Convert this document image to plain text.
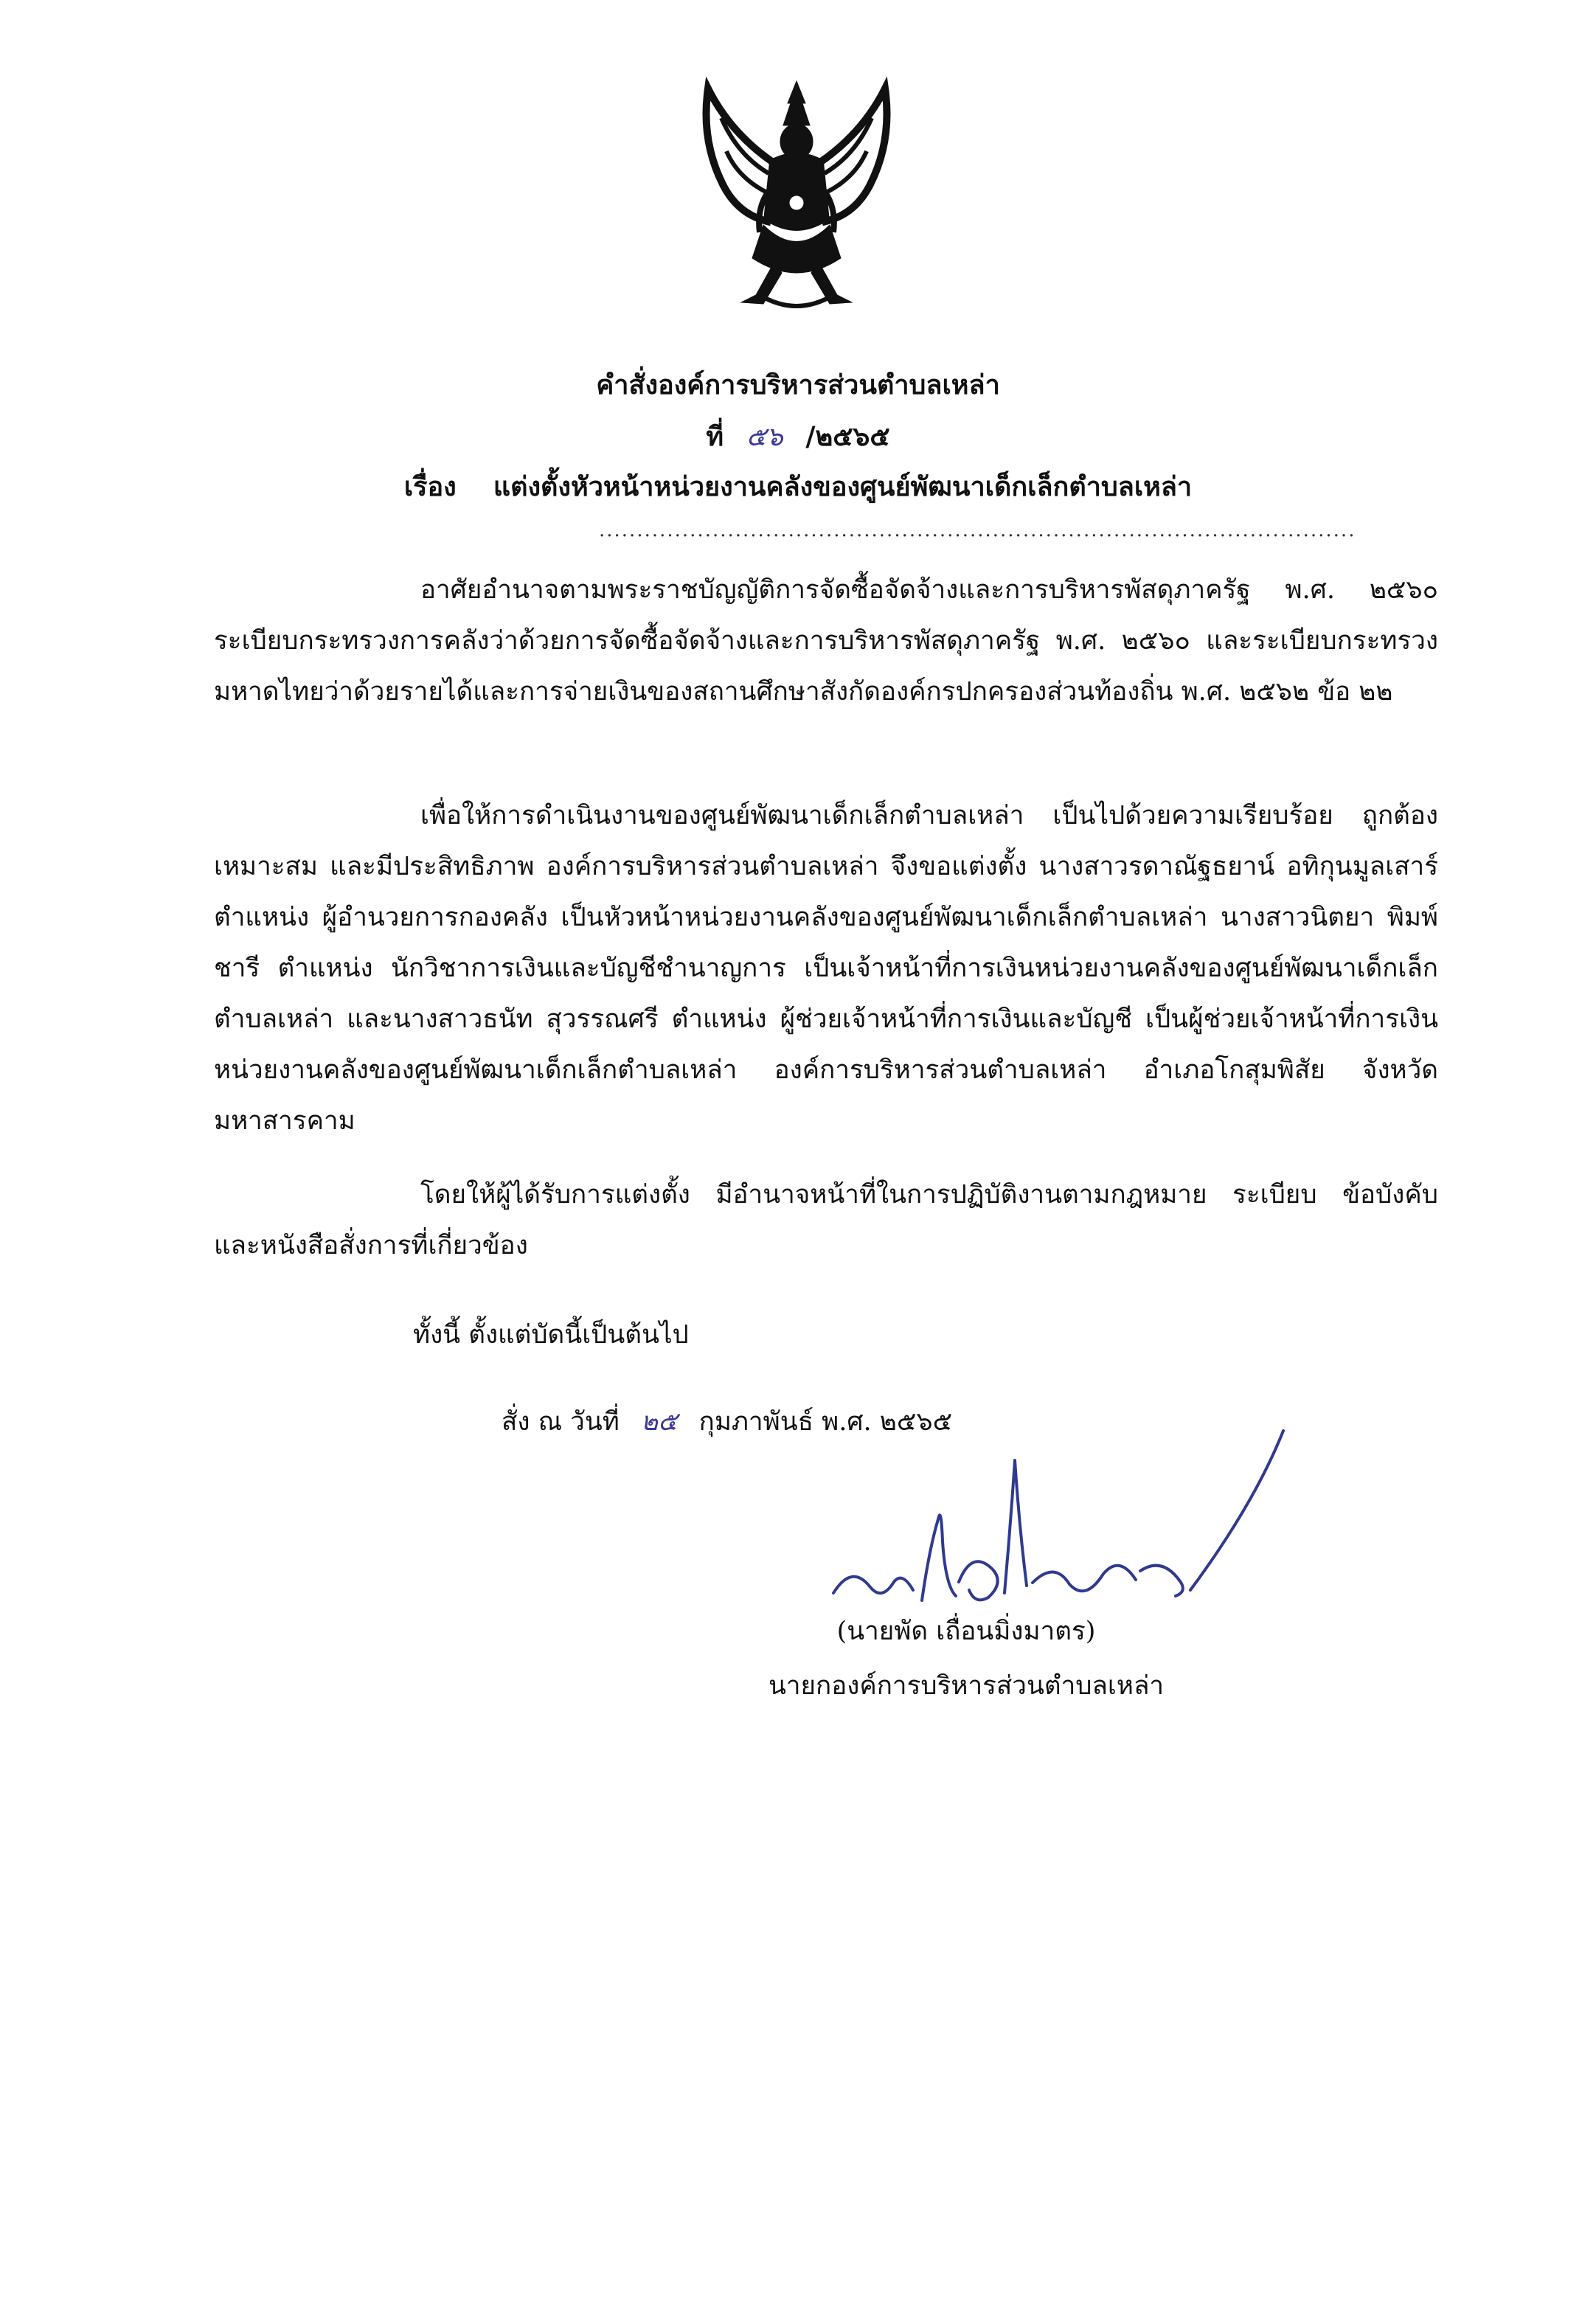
คำสั่งองค์การบริหารส่วนตำบลเหล่า
ที่ ๕๖ /๒๕๖๕
เรื่อง แต่งตั้งหัวหน้าหน่วยงานคลังของศูนย์พัฒนาเด็กเล็กตำบลเหล่า
....................................................................................................

อาศัยอำนาจตามพระราชบัญญัติการจัดซื้อจัดจ้างและการบริหารพัสดุภาครัฐ พ.ศ. ๒๕๖๐ ระเบียบกระทรวงการคลังว่าด้วยการจัดซื้อจัดจ้างและการบริหารพัสดุภาครัฐ พ.ศ. ๒๕๖๐ และระเบียบกระทรวงมหาดไทยว่าด้วยรายได้และการจ่ายเงินของสถานศึกษาสังกัดองค์กรปกครองส่วนท้องถิ่น พ.ศ. ๒๕๖๒ ข้อ ๒๒

เพื่อให้การดำเนินงานของศูนย์พัฒนาเด็กเล็กตำบลเหล่า เป็นไปด้วยความเรียบร้อย ถูกต้อง เหมาะสม และมีประสิทธิภาพ องค์การบริหารส่วนตำบลเหล่า จึงขอแต่งตั้ง นางสาวรดาณัฐธยาน์ อทิกุนมูลเสาร์ ตำแหน่ง ผู้อำนวยการกองคลัง เป็นหัวหน้าหน่วยงานคลังของศูนย์พัฒนาเด็กเล็กตำบลเหล่า นางสาวนิตยา พิมพ์ชารี ตำแหน่ง นักวิชาการเงินและบัญชีชำนาญการ เป็นเจ้าหน้าที่การเงินหน่วยงานคลังของศูนย์พัฒนาเด็กเล็กตำบลเหล่า และนางสาวธนัท สุวรรณศรี ตำแหน่ง ผู้ช่วยเจ้าหน้าที่การเงินและบัญชี เป็นผู้ช่วยเจ้าหน้าที่การเงินหน่วยงานคลังของศูนย์พัฒนาเด็กเล็กตำบลเหล่า องค์การบริหารส่วนตำบลเหล่า อำเภอโกสุมพิสัย จังหวัดมหาสารคาม

โดยให้ผู้ได้รับการแต่งตั้ง มีอำนาจหน้าที่ในการปฏิบัติงานตามกฎหมาย ระเบียบ ข้อบังคับ และหนังสือสั่งการที่เกี่ยวข้อง

ทั้งนี้ ตั้งแต่บัดนี้เป็นต้นไป

สั่ง ณ วันที่ ๒๕ กุมภาพันธ์ พ.ศ. ๒๕๖๕

(นายพัด เถื่อนมิ่งมาตร)

นายกองค์การบริหารส่วนตำบลเหล่า
